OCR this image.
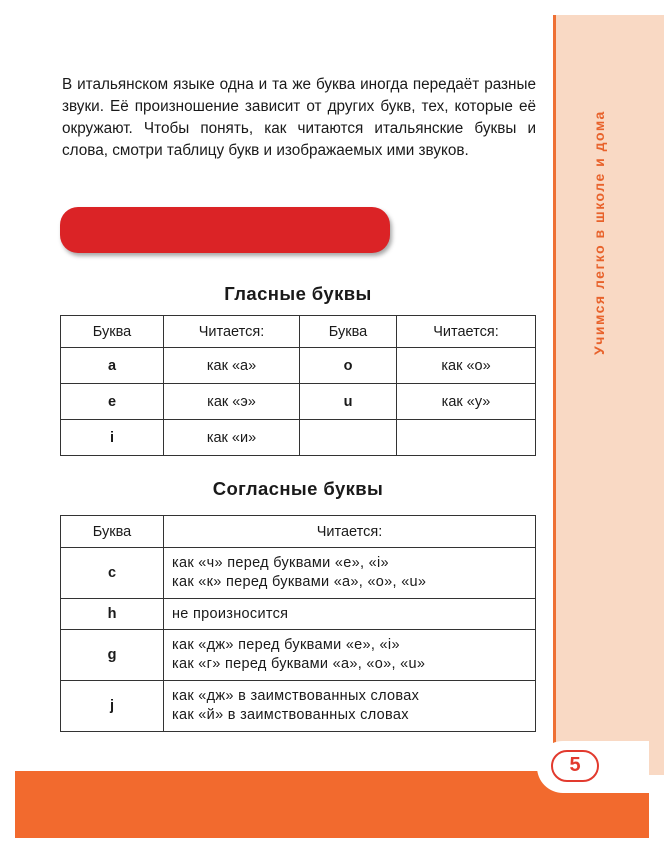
Учимся легко в школе и дома
5

В итальянском языке одна и та же буква иногда передаёт разные звуки. Её произношение зависит от других букв, тех, которые её окружают. Чтобы понять, как читаются итальянские буквы и слова, смотри таблицу букв и изображаемых ими звуков.

Гласные буквы
Буква	Читается:	Буква	Читается:
a	как «а»	o	как «о»
e	как «э»	u	как «у»
i	как «и»		
Согласные буквы
Буква	Читается:
c	как «ч» перед буквами «e», «i»
как «к» перед буквами «a», «o», «u»

h	не произносится

g	как «дж» перед буквами «e», «i»
как «г» перед буквами «a», «o», «u»

j	как «дж» в заимствованных словах
как «й» в заимствованных словах
